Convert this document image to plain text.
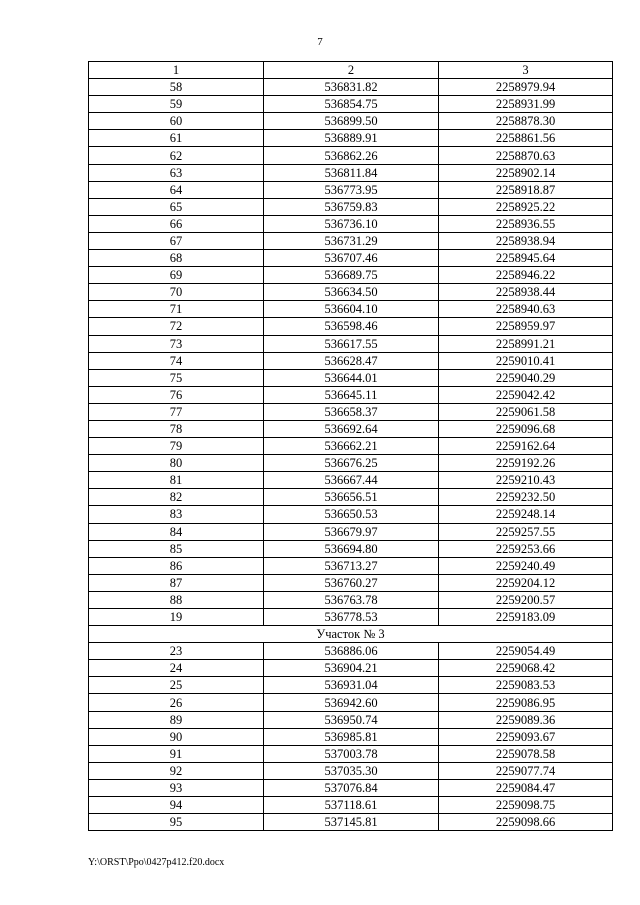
7
1	2	3
58	536831.82	2258979.94
59	536854.75	2258931.99
60	536899.50	2258878.30
61	536889.91	2258861.56
62	536862.26	2258870.63
63	536811.84	2258902.14
64	536773.95	2258918.87
65	536759.83	2258925.22
66	536736.10	2258936.55
67	536731.29	2258938.94
68	536707.46	2258945.64
69	536689.75	2258946.22
70	536634.50	2258938.44
71	536604.10	2258940.63
72	536598.46	2258959.97
73	536617.55	2258991.21
74	536628.47	2259010.41
75	536644.01	2259040.29
76	536645.11	2259042.42
77	536658.37	2259061.58
78	536692.64	2259096.68
79	536662.21	2259162.64
80	536676.25	2259192.26
81	536667.44	2259210.43
82	536656.51	2259232.50
83	536650.53	2259248.14
84	536679.97	2259257.55
85	536694.80	2259253.66
86	536713.27	2259240.49
87	536760.27	2259204.12
88	536763.78	2259200.57
19	536778.53	2259183.09
Участок № 3		
23	536886.06	2259054.49
24	536904.21	2259068.42
25	536931.04	2259083.53
26	536942.60	2259086.95
89	536950.74	2259089.36
90	536985.81	2259093.67
91	537003.78	2259078.58
92	537035.30	2259077.74
93	537076.84	2259084.47
94	537118.61	2259098.75
95	537145.81	2259098.66
Y:\ORST\Ppo\0427p412.f20.docx
